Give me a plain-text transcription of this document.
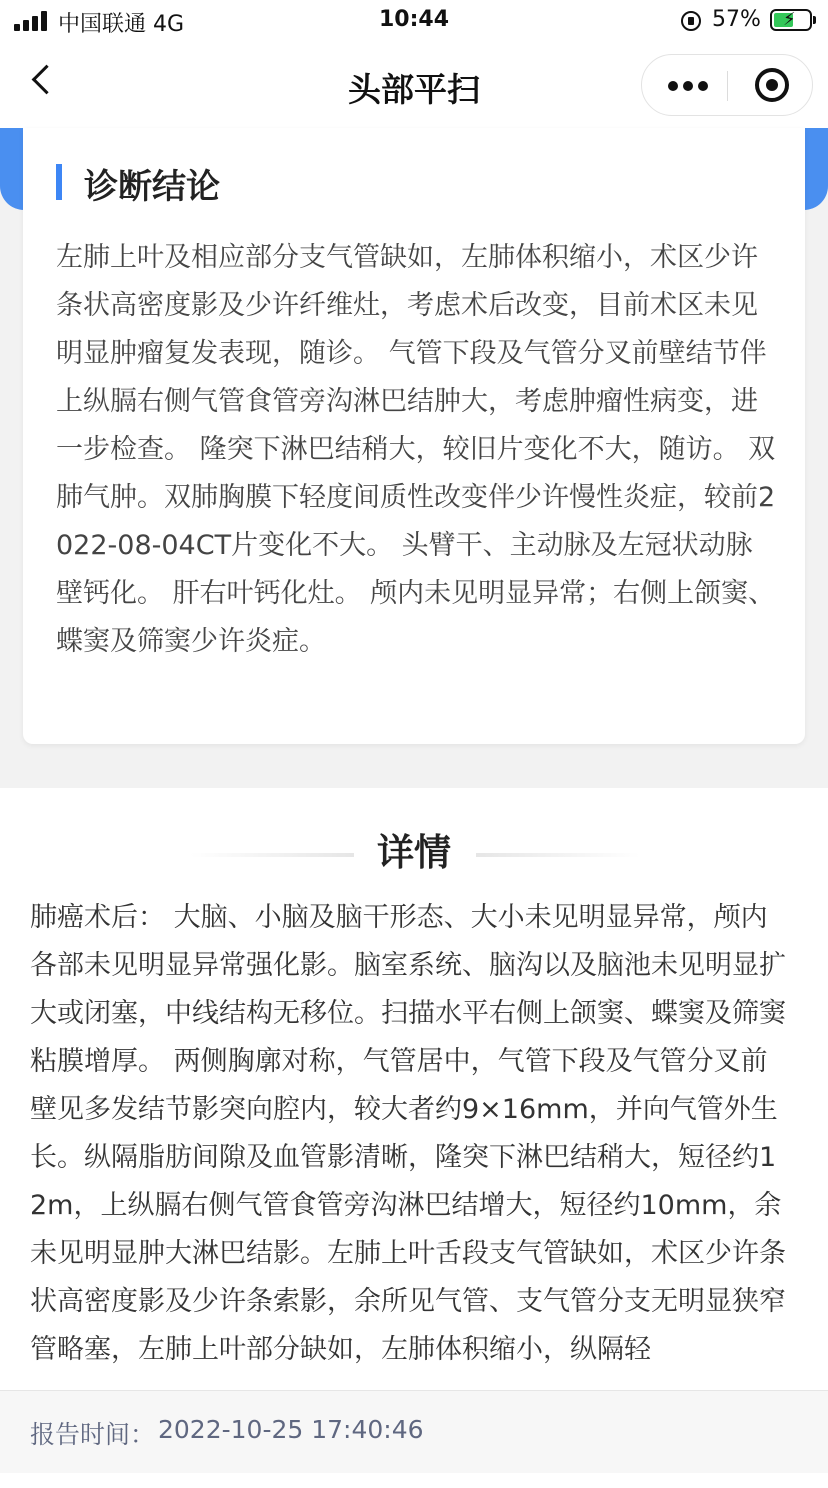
中国联通 4G	10:44	57% ⚡
头部平扫
诊断结论

左肺上叶及相应部分支气管缺如，左肺体积缩小，术区少许条状高密度影及少许纤维灶，考虑术后改变，目前术区未见明显肿瘤复发表现，随诊。 气管下段及气管分叉前壁结节伴上纵膈右侧气管食管旁沟淋巴结肿大，考虑肿瘤性病变，进一步检查。 隆突下淋巴结稍大，较旧片变化不大，随访。 双肺气肿。双肺胸膜下轻度间质性改变伴少许慢性炎症，较前2022-08-04CT片变化不大。 头臂干、主动脉及左冠状动脉壁钙化。 肝右叶钙化灶。 颅内未见明显异常；右侧上颌窦、蝶窦及筛窦少许炎症。

详情

肺癌术后： 大脑、小脑及脑干形态、大小未见明显异常，颅内各部未见明显异常强化影。脑室系统、脑沟以及脑池未见明显扩大或闭塞，中线结构无移位。扫描水平右侧上颌窦、蝶窦及筛窦粘膜增厚。 两侧胸廓对称，气管居中，气管下段及气管分叉前壁见多发结节影突向腔内，较大者约9×16mm，并向气管外生长。纵隔脂肪间隙及血管影清晰，隆突下淋巴结稍大，短径约12m，上纵膈右侧气管食管旁沟淋巴结增大，短径约10mm，余未见明显肿大淋巴结影。左肺上叶舌段支气管缺如，术区少许条状高密度影及少许条索影，余所见气管、支气管分支无明显狭窄管略塞，左肺上叶部分缺如，左肺体积缩小，纵隔轻

报告时间： 2022-10-25 17:40:46
